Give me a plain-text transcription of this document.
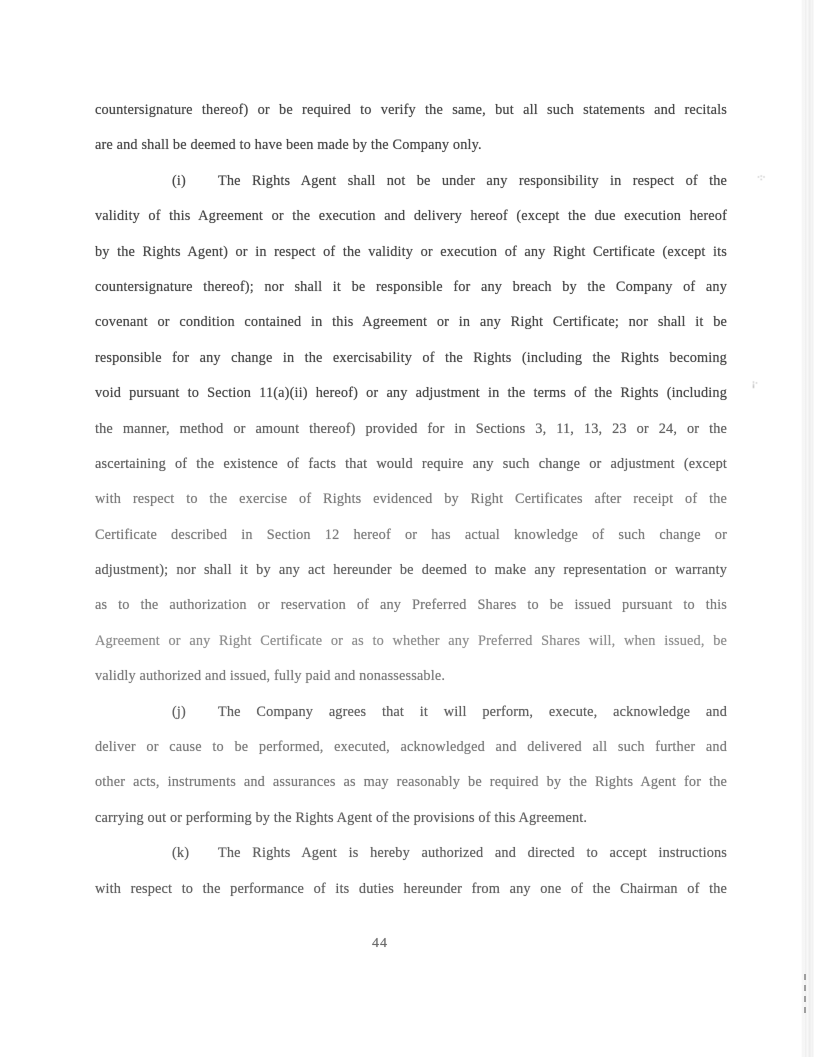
countersignature thereof) or be required to verify the same, but all such statements and recitals
are and shall be deemed to have been made by the Company only.
(i) The Rights Agent shall not be under any responsibility in respect of the
validity of this Agreement or the execution and delivery hereof (except the due execution hereof
by the Rights Agent) or in respect of the validity or execution of any Right Certificate (except its
countersignature thereof); nor shall it be responsible for any breach by the Company of any
covenant or condition contained in this Agreement or in any Right Certificate; nor shall it be
responsible for any change in the exercisability of the Rights (including the Rights becoming
void pursuant to Section 11(a)(ii) hereof) or any adjustment in the terms of the Rights (including
the manner, method or amount thereof) provided for in Sections 3, 11, 13, 23 or 24, or the
ascertaining of the existence of facts that would require any such change or adjustment (except
with respect to the exercise of Rights evidenced by Right Certificates after receipt of the
Certificate described in Section 12 hereof or has actual knowledge of such change or
adjustment); nor shall it by any act hereunder be deemed to make any representation or warranty
as to the authorization or reservation of any Preferred Shares to be issued pursuant to this
Agreement or any Right Certificate or as to whether any Preferred Shares will, when issued, be
validly authorized and issued, fully paid and nonassessable.
(j) The Company agrees that it will perform, execute, acknowledge and
deliver or cause to be performed, executed, acknowledged and delivered all such further and
other acts, instruments and assurances as may reasonably be required by the Rights Agent for the
carrying out or performing by the Rights Agent of the provisions of this Agreement.
(k) The Rights Agent is hereby authorized and directed to accept instructions
with respect to the performance of its duties hereunder from any one of the Chairman of the
44
·:·
¡·
